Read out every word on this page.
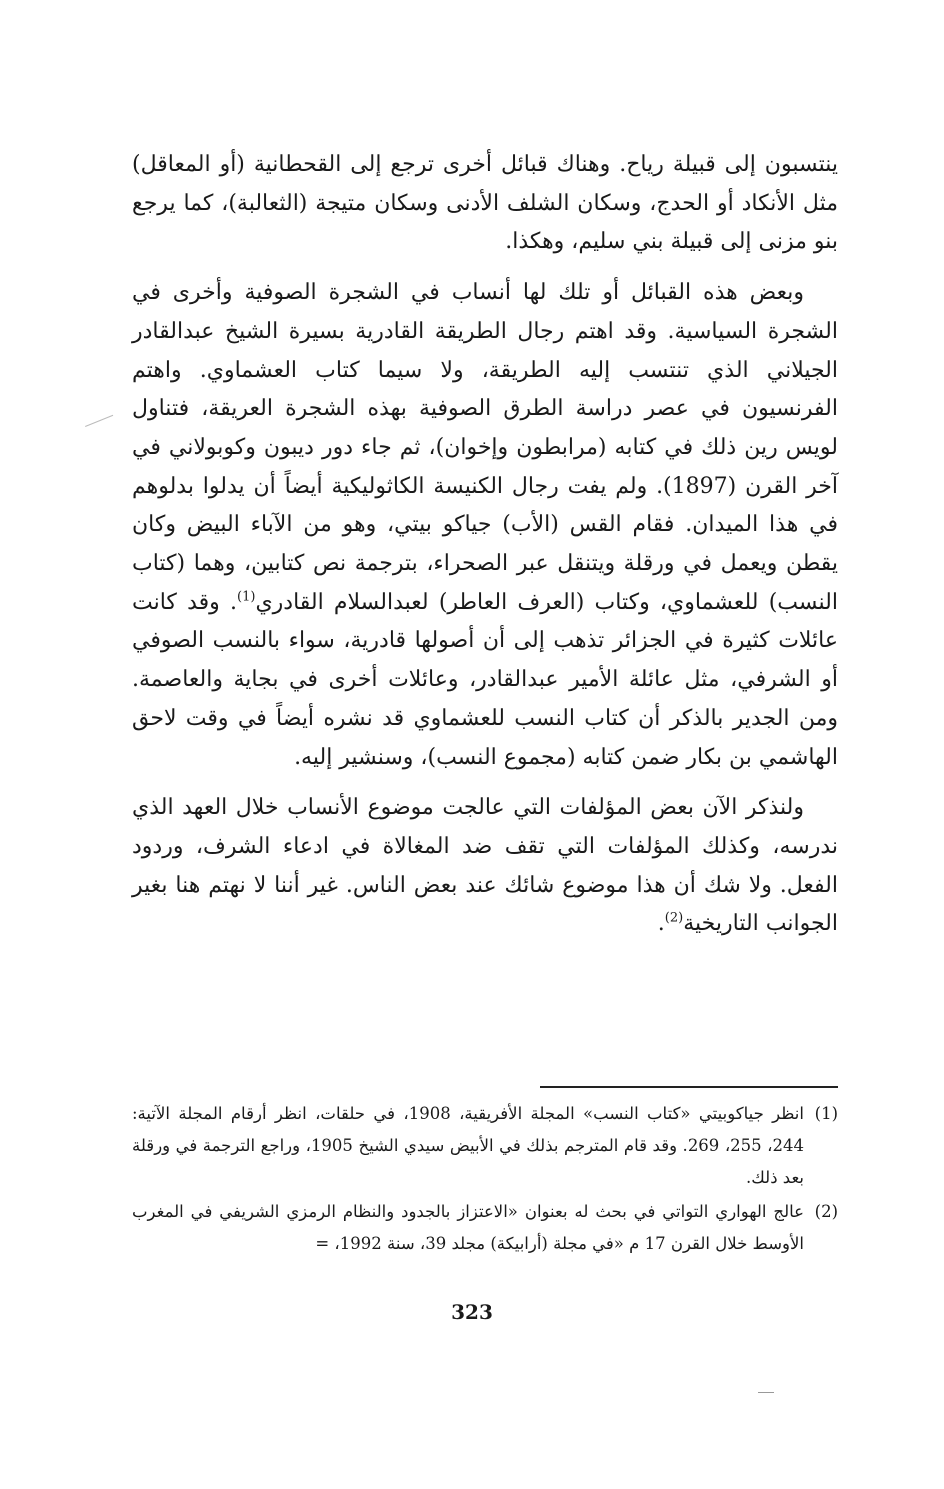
ينتسبون إلى قبيلة رياح. وهناك قبائل أخرى ترجع إلى القحطانية (أو المعاقل) مثل الأنكاد أو الحدج، وسكان الشلف الأدنى وسكان متيجة (الثعالبة)، كما يرجع بنو مزنى إلى قبيلة بني سليم، وهكذا.

وبعض هذه القبائل أو تلك لها أنساب في الشجرة الصوفية وأخرى في الشجرة السياسية. وقد اهتم رجال الطريقة القادرية بسيرة الشيخ عبدالقادر الجيلاني الذي تنتسب إليه الطريقة، ولا سيما كتاب العشماوي. واهتم الفرنسيون في عصر دراسة الطرق الصوفية بهذه الشجرة العريقة، فتناول لويس رين ذلك في كتابه (مرابطون وإخوان)، ثم جاء دور ديبون وكوبولاني في آخر القرن (1897). ولم يفت رجال الكنيسة الكاثوليكية أيضاً أن يدلوا بدلوهم في هذا الميدان. فقام القس (الأب) جياكو بيتي، وهو من الآباء البيض وكان يقطن ويعمل في ورقلة ويتنقل عبر الصحراء، بترجمة نص كتابين، وهما (كتاب النسب) للعشماوي، وكتاب (العرف العاطر) لعبدالسلام القادري$^{(1)}$. وقد كانت عائلات كثيرة في الجزائر تذهب إلى أن أصولها قادرية، سواء بالنسب الصوفي أو الشرفي، مثل عائلة الأمير عبدالقادر، وعائلات أخرى في بجاية والعاصمة. ومن الجدير بالذكر أن كتاب النسب للعشماوي قد نشره أيضاً في وقت لاحق الهاشمي بن بكار ضمن كتابه (مجموع النسب)، وسنشير إليه.

ولنذكر الآن بعض المؤلفات التي عالجت موضوع الأنساب خلال العهد الذي ندرسه، وكذلك المؤلفات التي تقف ضد المغالاة في ادعاء الشرف، وردود الفعل. ولا شك أن هذا موضوع شائك عند بعض الناس. غير أننا لا نهتم هنا بغير الجوانب التاريخية$^{(2)}$.

(1)
انظر جياكوبيتي «كتاب النسب» المجلة الأفريقية، 1908، في حلقات، انظر أرقام المجلة الآتية: 244، 255، 269. وقد قام المترجم بذلك في الأبيض سيدي الشيخ 1905، وراجع الترجمة في ورقلة بعد ذلك.
(2)
عالج الهواري التواتي في بحث له بعنوان «الاعتزاز بالجدود والنظام الرمزي الشريفي في المغرب الأوسط خلال القرن 17 م «في مجلة (أرابيكة) مجلد 39، سنة 1992، =
323
